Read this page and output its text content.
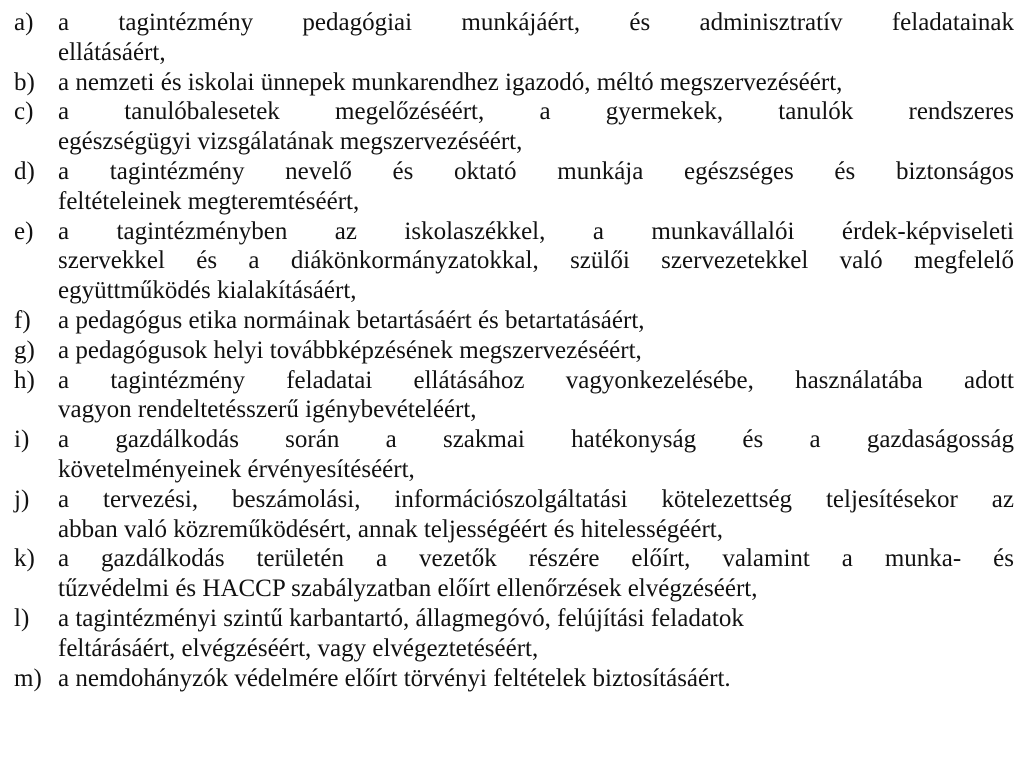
a) a tagintézmény pedagógiai munkájáért, és adminisztratív feladatainak
ellátásáért,
b) a nemzeti és iskolai ünnepek munkarendhez igazodó, méltó megszervezéséért,
c) a tanulóbalesetek megelőzéséért, a gyermekek, tanulók rendszeres
egészségügyi vizsgálatának megszervezéséért,
d) a tagintézmény nevelő és oktató munkája egészséges és biztonságos
feltételeinek megteremtéséért,
e) a tagintézményben az iskolaszékkel, a munkavállalói érdek-képviseleti
szervekkel és a diákönkormányzatokkal, szülői szervezetekkel való megfelelő
együttműködés kialakításáért,
f)	a pedagógus etika normáinak betartásáért és betartatásáért,
g) a pedagógusok helyi továbbképzésének megszervezéséért,
h) a tagintézmény feladatai ellátásához vagyonkezelésébe, használatába adott
vagyon rendeltetésszerű igénybevételéért,
i)	a gazdálkodás során a szakmai hatékonyság és a gazdaságosság
követelményeinek érvényesítéséért,
j)	a tervezési, beszámolási, információszolgáltatási kötelezettség teljesítésekor az
abban való közreműködésért, annak teljességéért és hitelességéért,
k) a gazdálkodás területén a vezetők részére előírt, valamint a munka- és
tűzvédelmi és HACCP szabályzatban előírt ellenőrzések elvégzéséért,
l)	a tagintézményi szintű karbantartó, állagmegóvó, felújítási feladatok
feltárásáért, elvégzéséért, vagy elvégeztetéséért,
m) a nemdohányzók védelmére előírt törvényi feltételek biztosításáért.
